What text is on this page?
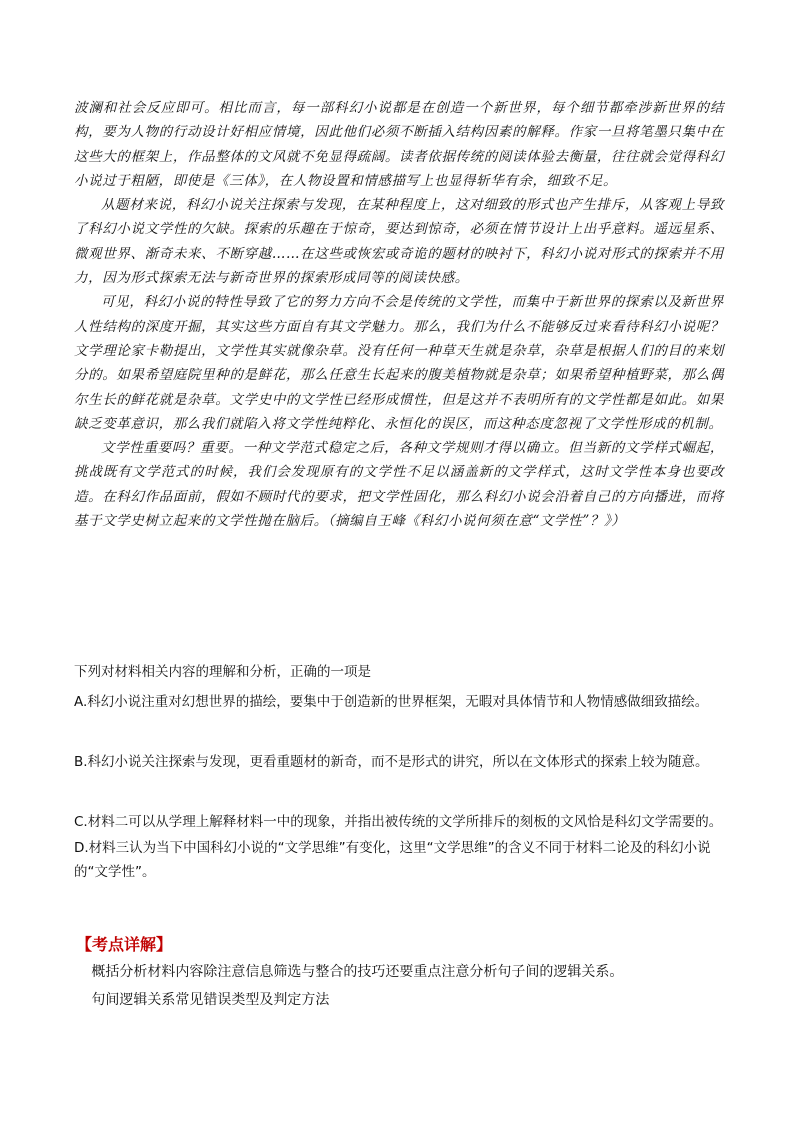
波澜和社会反应即可。相比而言，每一部科幻小说都是在创造一个新世界，每个细节都牵涉新世界的结构，要为人物的行动设计好相应情境，因此他们必须不断插入结构因素的解释。作家一旦将笔墨只集中在这些大的框架上，作品整体的文风就不免显得疏阔。读者依据传统的阅读体验去衡量，往往就会觉得科幻小说过于粗陋，即使是《三体》，在人物设置和情感描写上也显得斩华有余，细致不足。

从题材来说，科幻小说关注探索与发现，在某种程度上，这对细致的形式也产生排斥，从客观上导致了科幻小说文学性的欠缺。探索的乐趣在于惊奇，要达到惊奇，必须在情节设计上出乎意料。遥远星系、微观世界、渐奇未来、不断穿越……在这些或恢宏或奇诡的题材的映衬下，科幻小说对形式的探索并不用力，因为形式探索无法与新奇世界的探索形成同等的阅读快感。

可见，科幻小说的特性导致了它的努力方向不会是传统的文学性，而集中于新世界的探索以及新世界人性结构的深度开掘，其实这些方面自有其文学魅力。那么，我们为什么不能够反过来看待科幻小说呢？文学理论家卡勒提出，文学性其实就像杂草。没有任何一种草天生就是杂草，杂草是根据人们的目的来划分的。如果希望庭院里种的是鲜花，那么任意生长起来的腹美植物就是杂草；如果希望种植野菜，那么偶尔生长的鲜花就是杂草。文学史中的文学性已经形成惯性，但是这并不表明所有的文学性都是如此。如果缺乏变革意识，那么我们就陷入将文学性纯粹化、永恒化的误区，而这种态度忽视了文学性形成的机制。

文学性重要吗？重要。一种文学范式稳定之后，各种文学规则才得以确立。但当新的文学样式崛起，挑战既有文学范式的时候，我们会发现原有的文学性不足以涵盖新的文学样式，这时文学性本身也要改造。在科幻作品面前，假如不顾时代的要求，把文学性固化，那么科幻小说会沿着自己的方向播进，而将基于文学史树立起来的文学性抛在脑后。（摘编自王峰《科幻小说何须在意“文学性”？》）

下列对材料相关内容的理解和分析，正确的一项是

A.科幻小说注重对幻想世界的描绘，要集中于创造新的世界框架，无暇对具体情节和人物情感做细致描绘。

B.科幻小说关注探索与发现，更看重题材的新奇，而不是形式的讲究，所以在文体形式的探索上较为随意。

C.材料二可以从学理上解释材料一中的现象，并指出被传统的文学所排斥的刻板的文风恰是科幻文学需要的。

D.材料三认为当下中国科幻小说的“文学思维”有变化，这里“文学思维”的含义不同于材料二论及的科幻小说的“文学性”。

【考点详解】

概括分析材料内容除注意信息筛选与整合的技巧还要重点注意分析句子间的逻辑关系。

句间逻辑关系常见错误类型及判定方法
